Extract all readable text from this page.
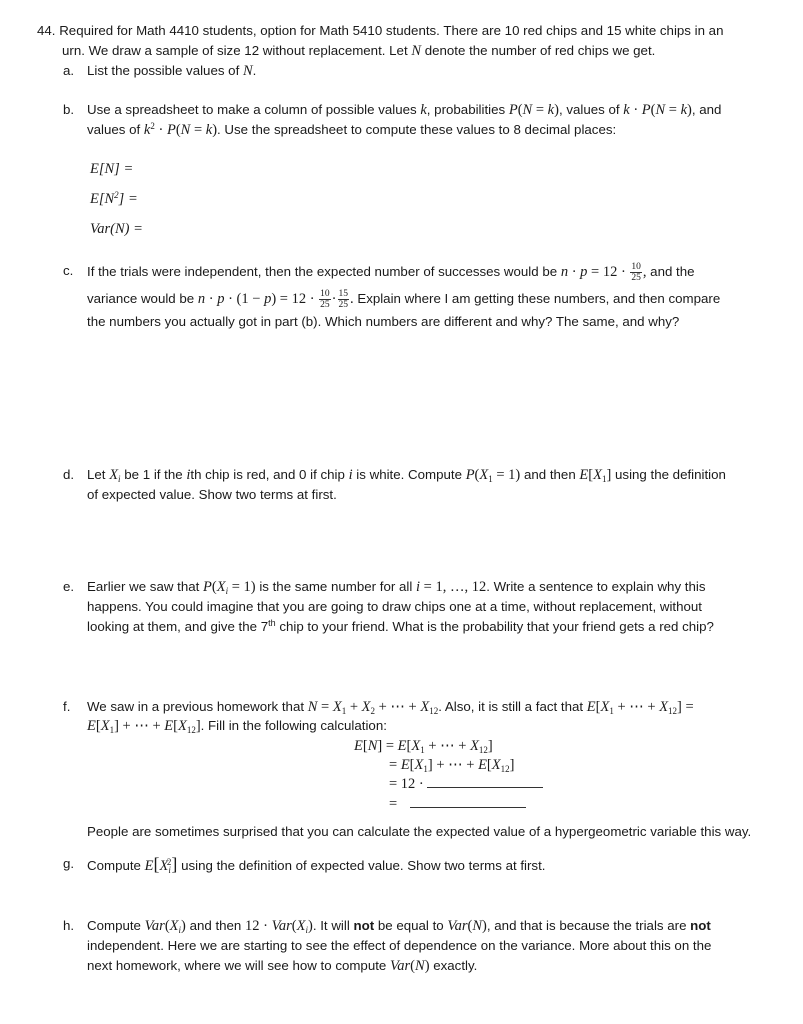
44. Required for Math 4410 students, option for Math 5410 students. There are 10 red chips and 15 white chips in an
urn. We draw a sample of size 12 without replacement. Let N denote the number of red chips we get.
a. List the possible values of N.
b. Use a spreadsheet to make a column of possible values k, probabilities P(N = k), values of k · P(N = k), and
values of $k^2 \cdot P(N = k)$. Use the spreadsheet to compute these values to 8 decimal places:
E[N] =
$E[N^2]$ =
Var(N) =
c. If the trials were independent, then the expected number of successes would be $n \cdot p = 12 \cdot \frac{10}{25}$ , and the
variance would be $n \cdot p \cdot (1 - p) = 12 \cdot \frac{10}{25} \cdot \frac{15}{25}$ . Explain where I am getting these numbers, and then compare
the numbers you actually got in part (b). Which numbers are different and why? The same, and why?
d. Let $X_i$ be 1 if the ith chip is red, and 0 if chip i is white. Compute $P(X_1 = 1)$ and then $E[X_1]$ using the definition
of expected value. Show two terms at first.
e. Earlier we saw that $P(X_i = 1)$ is the same number for all i = 1, …, 12. Write a sentence to explain why this
happens. You could imagine that you are going to draw chips one at a time, without replacement, without
looking at them, and give the 7th chip to your friend. What is the probability that your friend gets a red chip?
f. We saw in a previous homework that $N = X_1 + X_2$ + ⋯ + $X_{12}$. Also, it is still a fact that $E[X_1$ + ⋯ + $X_{12}$] =
$E[X_1]$ + ⋯ + $E[X_{12}]$. Fill in the following calculation:
$E[N] = E[X_1$ + ⋯ + $X_{12}$]
= $E[X_1]$ + ⋯ + $E[X_{12}]$
= 12 ·
=
People are sometimes surprised that you can calculate the expected value of a hypergeometric variable this way.
g. Compute $E[X_i^2]$ using the definition of expected value. Show two terms at first.
h. Compute $Var(X_i)$ and then $12 \cdot Var(X_i)$. It will not be equal to Var(N), and that is because the trials are not
independent. Here we are starting to see the effect of dependence on the variance. More about this on the
next homework, where we will see how to compute Var(N) exactly.
